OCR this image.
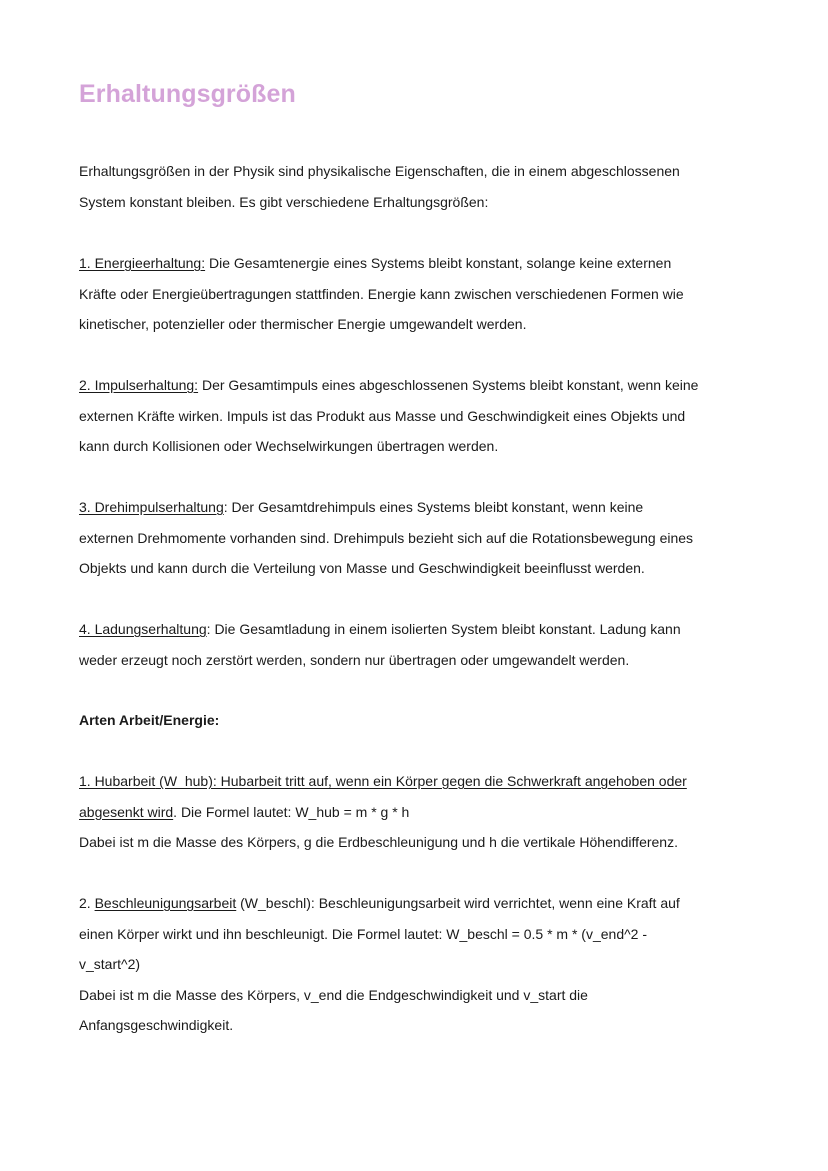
Erhaltungsgrößen
Erhaltungsgrößen in der Physik sind physikalische Eigenschaften, die in einem abgeschlossenen
System konstant bleiben. Es gibt verschiedene Erhaltungsgrößen:
1. Energieerhaltung: Die Gesamtenergie eines Systems bleibt konstant, solange keine externen
Kräfte oder Energieübertragungen stattfinden. Energie kann zwischen verschiedenen Formen wie
kinetischer, potenzieller oder thermischer Energie umgewandelt werden.
2. Impulserhaltung: Der Gesamtimpuls eines abgeschlossenen Systems bleibt konstant, wenn keine
externen Kräfte wirken. Impuls ist das Produkt aus Masse und Geschwindigkeit eines Objekts und
kann durch Kollisionen oder Wechselwirkungen übertragen werden.
3. Drehimpulserhaltung: Der Gesamtdrehimpuls eines Systems bleibt konstant, wenn keine
externen Drehmomente vorhanden sind. Drehimpuls bezieht sich auf die Rotationsbewegung eines
Objekts und kann durch die Verteilung von Masse und Geschwindigkeit beeinflusst werden.
4. Ladungserhaltung: Die Gesamtladung in einem isolierten System bleibt konstant. Ladung kann
weder erzeugt noch zerstört werden, sondern nur übertragen oder umgewandelt werden.
Arten Arbeit/Energie:
1. Hubarbeit (W_hub): Hubarbeit tritt auf, wenn ein Körper gegen die Schwerkraft angehoben oder
abgesenkt wird. Die Formel lautet: W_hub = m * g * h
Dabei ist m die Masse des Körpers, g die Erdbeschleunigung und h die vertikale Höhendifferenz.
2. Beschleunigungsarbeit (W_beschl): Beschleunigungsarbeit wird verrichtet, wenn eine Kraft auf
einen Körper wirkt und ihn beschleunigt. Die Formel lautet: W_beschl = 0.5 * m * (v_end^2 -
v_start^2)
Dabei ist m die Masse des Körpers, v_end die Endgeschwindigkeit und v_start die
Anfangsgeschwindigkeit.
